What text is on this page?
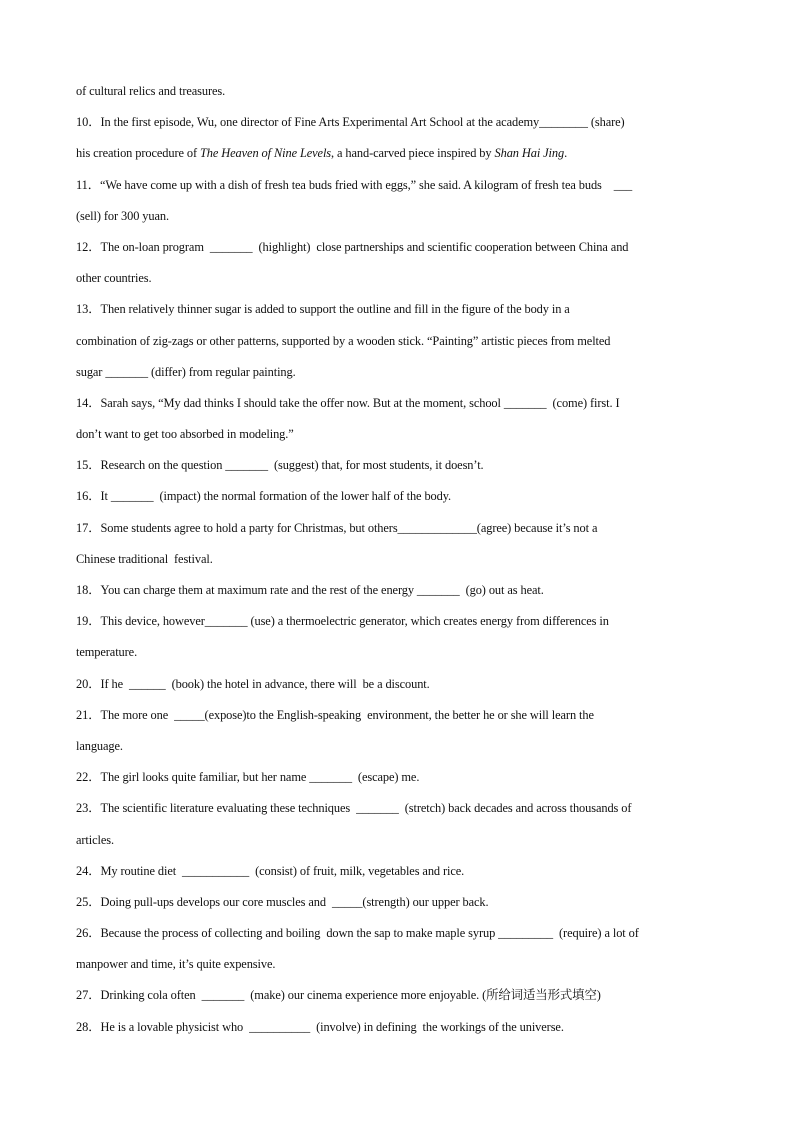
of cultural relics and treasures.
10．In the first episode, Wu, one director of Fine Arts Experimental Art School at the academy________ (share)
his creation procedure of The Heaven of Nine Levels, a hand-carved piece inspired by Shan Hai Jing.
11．“We have come up with a dish of fresh tea buds fried with eggs,” she said. A kilogram of fresh tea buds    ___
(sell) for 300 yuan.
12．The on-loan program  _______  (highlight)  close partnerships and scientific cooperation between China and
other countries.
13．Then relatively thinner sugar is added to support the outline and fill in the figure of the body in a
combination of zig-zags or other patterns, supported by a wooden stick. “Painting” artistic pieces from melted
sugar _______ (differ) from regular painting.
14．Sarah says, “My dad thinks I should take the offer now. But at the moment, school _______  (come) first. I
don’t want to get too absorbed in modeling.”
15．Research on the question _______  (suggest) that, for most students, it doesn’t.
16．It _______  (impact) the normal formation of the lower half of the body.
17．Some students agree to hold a party for Christmas, but others_____________(agree) because it’s not a
Chinese traditional  festival.
18．You can charge them at maximum rate and the rest of the energy _______  (go) out as heat.
19．This device, however_______ (use) a thermoelectric generator, which creates energy from differences in
temperature.
20．If he  ______  (book) the hotel in advance, there will  be a discount.
21．The more one  _____(expose)to the English-speaking  environment, the better he or she will learn the
language.
22．The girl looks quite familiar, but her name _______  (escape) me.
23．The scientific literature evaluating these techniques  _______  (stretch) back decades and across thousands of
articles.
24．My routine diet  ___________  (consist) of fruit, milk, vegetables and rice.
25．Doing pull-ups develops our core muscles and  _____(strength) our upper back.
26．Because the process of collecting and boiling  down the sap to make maple syrup _________  (require) a lot of
manpower and time, it’s quite expensive.
27．Drinking cola often  _______  (make) our cinema experience more enjoyable. (所给词适当形式填空)
28．He is a lovable physicist who  __________  (involve) in defining  the workings of the universe.
